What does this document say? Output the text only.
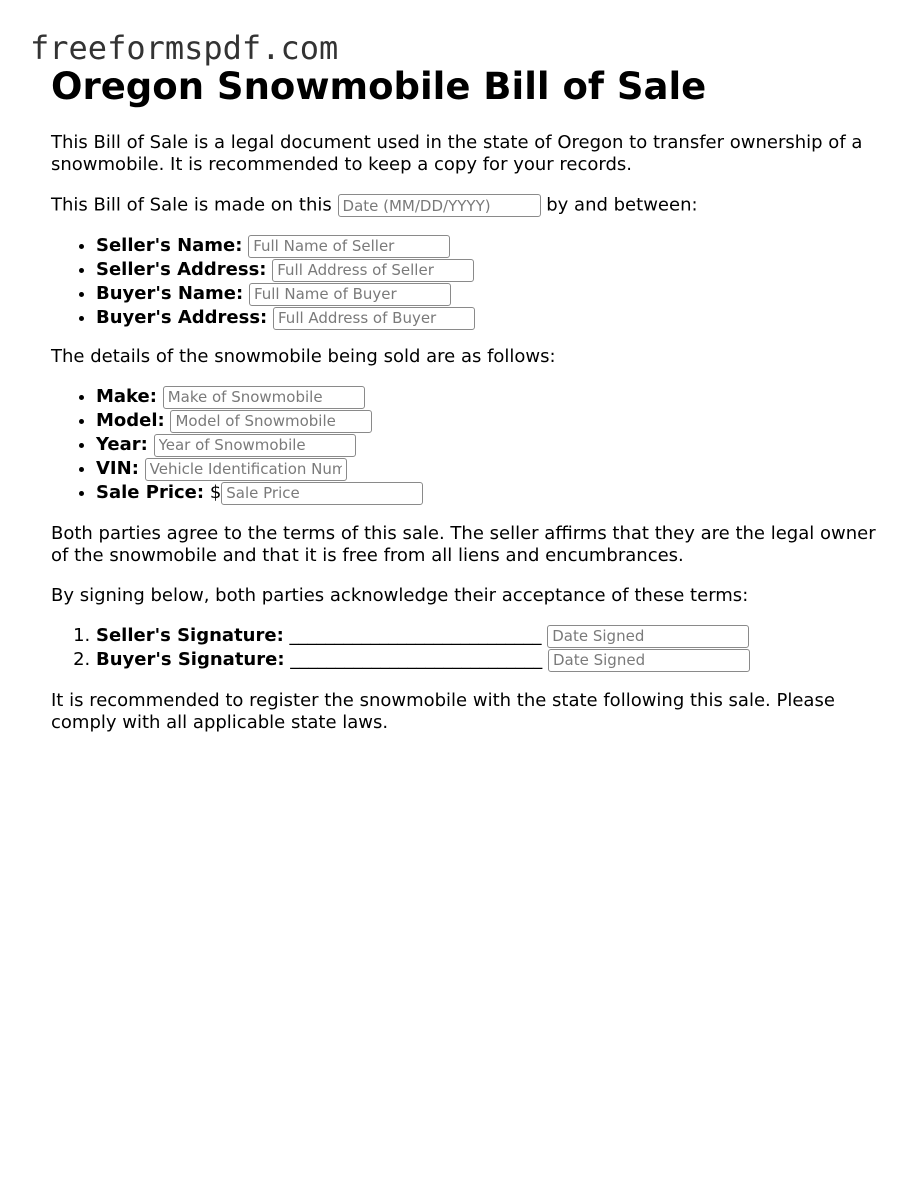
freeformspdf.com
Oregon Snowmobile Bill of Sale

This Bill of Sale is a legal document used in the state of Oregon to transfer ownership of a snowmobile. It is recommended to keep a copy for your records.

This Bill of Sale is made on this Date (MM/DD/YYYY)	by and between:

• Seller's Name: Full Name of Seller
• Seller's Address: Full Address of Seller
• Buyer's Name: Full Name of Buyer
• Buyer's Address: Full Address of Buyer

The details of the snowmobile being sold are as follows:

• Make: Make of Snowmobile
• Model: Model of Snowmobile
• Year: Year of Snowmobile
• VIN: Vehicle Identification Number
• Sale Price: $Sale Price

Both parties agree to the terms of this sale. The seller affirms that they are the legal owner of the snowmobile and that it is free from all liens and encumbrances.

By signing below, both parties acknowledge their acceptance of these terms:

1. Seller's Signature: ____________________________ Date Signed
2. Buyer's Signature: ____________________________ Date Signed

It is recommended to register the snowmobile with the state following this sale. Please comply with all applicable state laws.
